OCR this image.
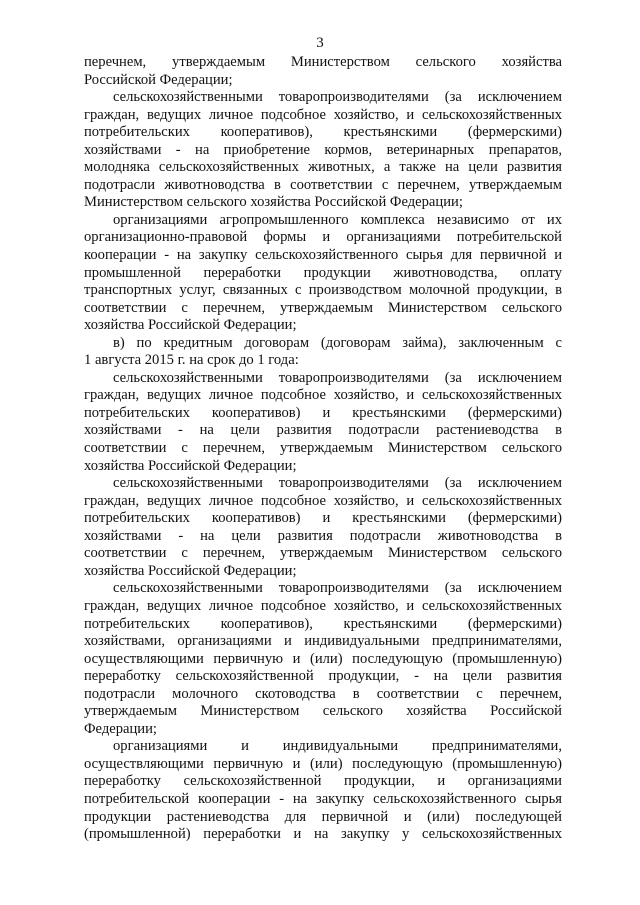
3
перечнем, утверждаемым Министерством сельского хозяйства
Российской Федерации;
сельскохозяйственными товаропроизводителями (за исключением
граждан, ведущих личное подсобное хозяйство, и сельскохозяйственных
потребительских кооперативов), крестьянскими (фермерскими)
хозяйствами - на приобретение кормов, ветеринарных препаратов,
молодняка сельскохозяйственных животных, а также на цели развития
подотрасли животноводства в соответствии с перечнем, утверждаемым
Министерством сельского хозяйства Российской Федерации;
организациями агропромышленного комплекса независимо от их
организационно-правовой формы и организациями потребительской
кооперации - на закупку сельскохозяйственного сырья для первичной и
промышленной переработки продукции животноводства, оплату
транспортных услуг, связанных с производством молочной продукции, в
соответствии с перечнем, утверждаемым Министерством сельского
хозяйства Российской Федерации;
в) по кредитным договорам (договорам займа), заключенным с
1 августа 2015 г. на срок до 1 года:
сельскохозяйственными товаропроизводителями (за исключением
граждан, ведущих личное подсобное хозяйство, и сельскохозяйственных
потребительских кооперативов) и крестьянскими (фермерскими)
хозяйствами - на цели развития подотрасли растениеводства в
соответствии с перечнем, утверждаемым Министерством сельского
хозяйства Российской Федерации;
сельскохозяйственными товаропроизводителями (за исключением
граждан, ведущих личное подсобное хозяйство, и сельскохозяйственных
потребительских кооперативов) и крестьянскими (фермерскими)
хозяйствами - на цели развития подотрасли животноводства в
соответствии с перечнем, утверждаемым Министерством сельского
хозяйства Российской Федерации;
сельскохозяйственными товаропроизводителями (за исключением
граждан, ведущих личное подсобное хозяйство, и сельскохозяйственных
потребительских кооперативов), крестьянскими (фермерскими)
хозяйствами, организациями и индивидуальными предпринимателями,
осуществляющими первичную и (или) последующую (промышленную)
переработку сельскохозяйственной продукции, - на цели развития
подотрасли молочного скотоводства в соответствии с перечнем,
утверждаемым Министерством сельского хозяйства Российской
Федерации;
организациями и индивидуальными предпринимателями,
осуществляющими первичную и (или) последующую (промышленную)
переработку сельскохозяйственной продукции, и организациями
потребительской кооперации - на закупку сельскохозяйственного сырья
продукции растениеводства для первичной и (или) последующей
(промышленной) переработки и на закупку у сельскохозяйственных
